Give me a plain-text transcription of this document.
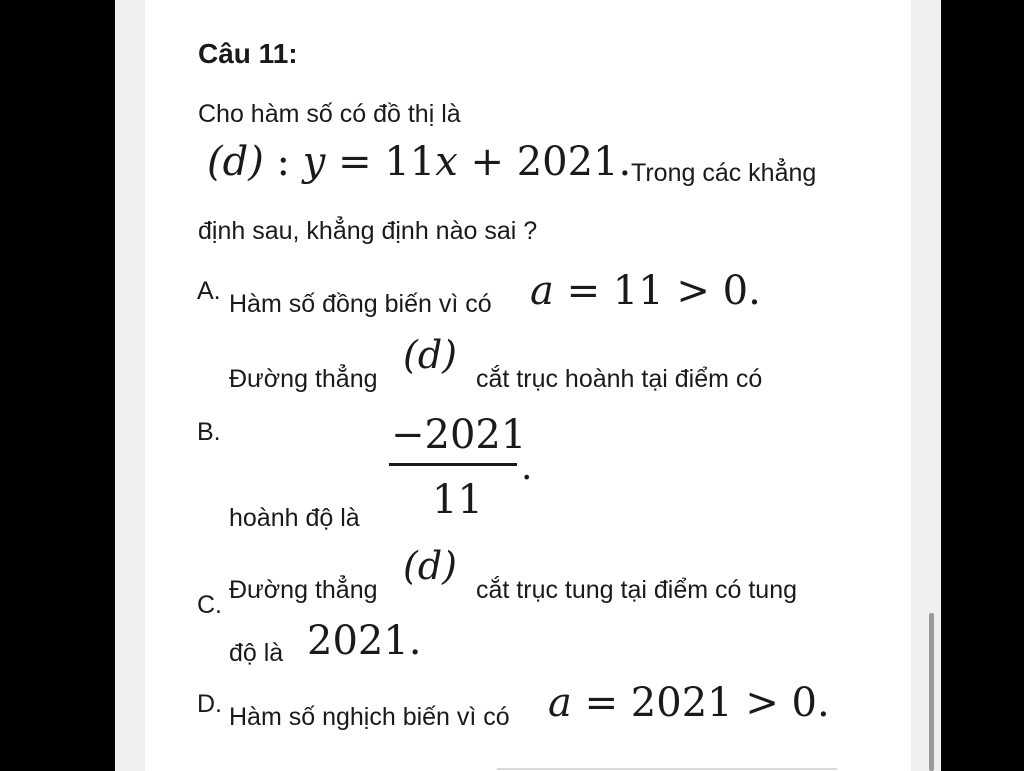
Câu 11:
Cho hàm số có đồ thị là
(d) : y = 11x + 2021. Trong các khẳng
định sau, khẳng định nào sai ?
A. Hàm số đồng biến vì có a = 11 > 0.
Đường thẳng
(d)
cắt trục hoành tại điểm có
B.	−2021
11
.
hoành độ là
Đường thẳng
(d)
cắt trục tung tại điểm có tung
C.
độ là 2021.
D. Hàm số nghịch biến vì có a = 2021 > 0.
